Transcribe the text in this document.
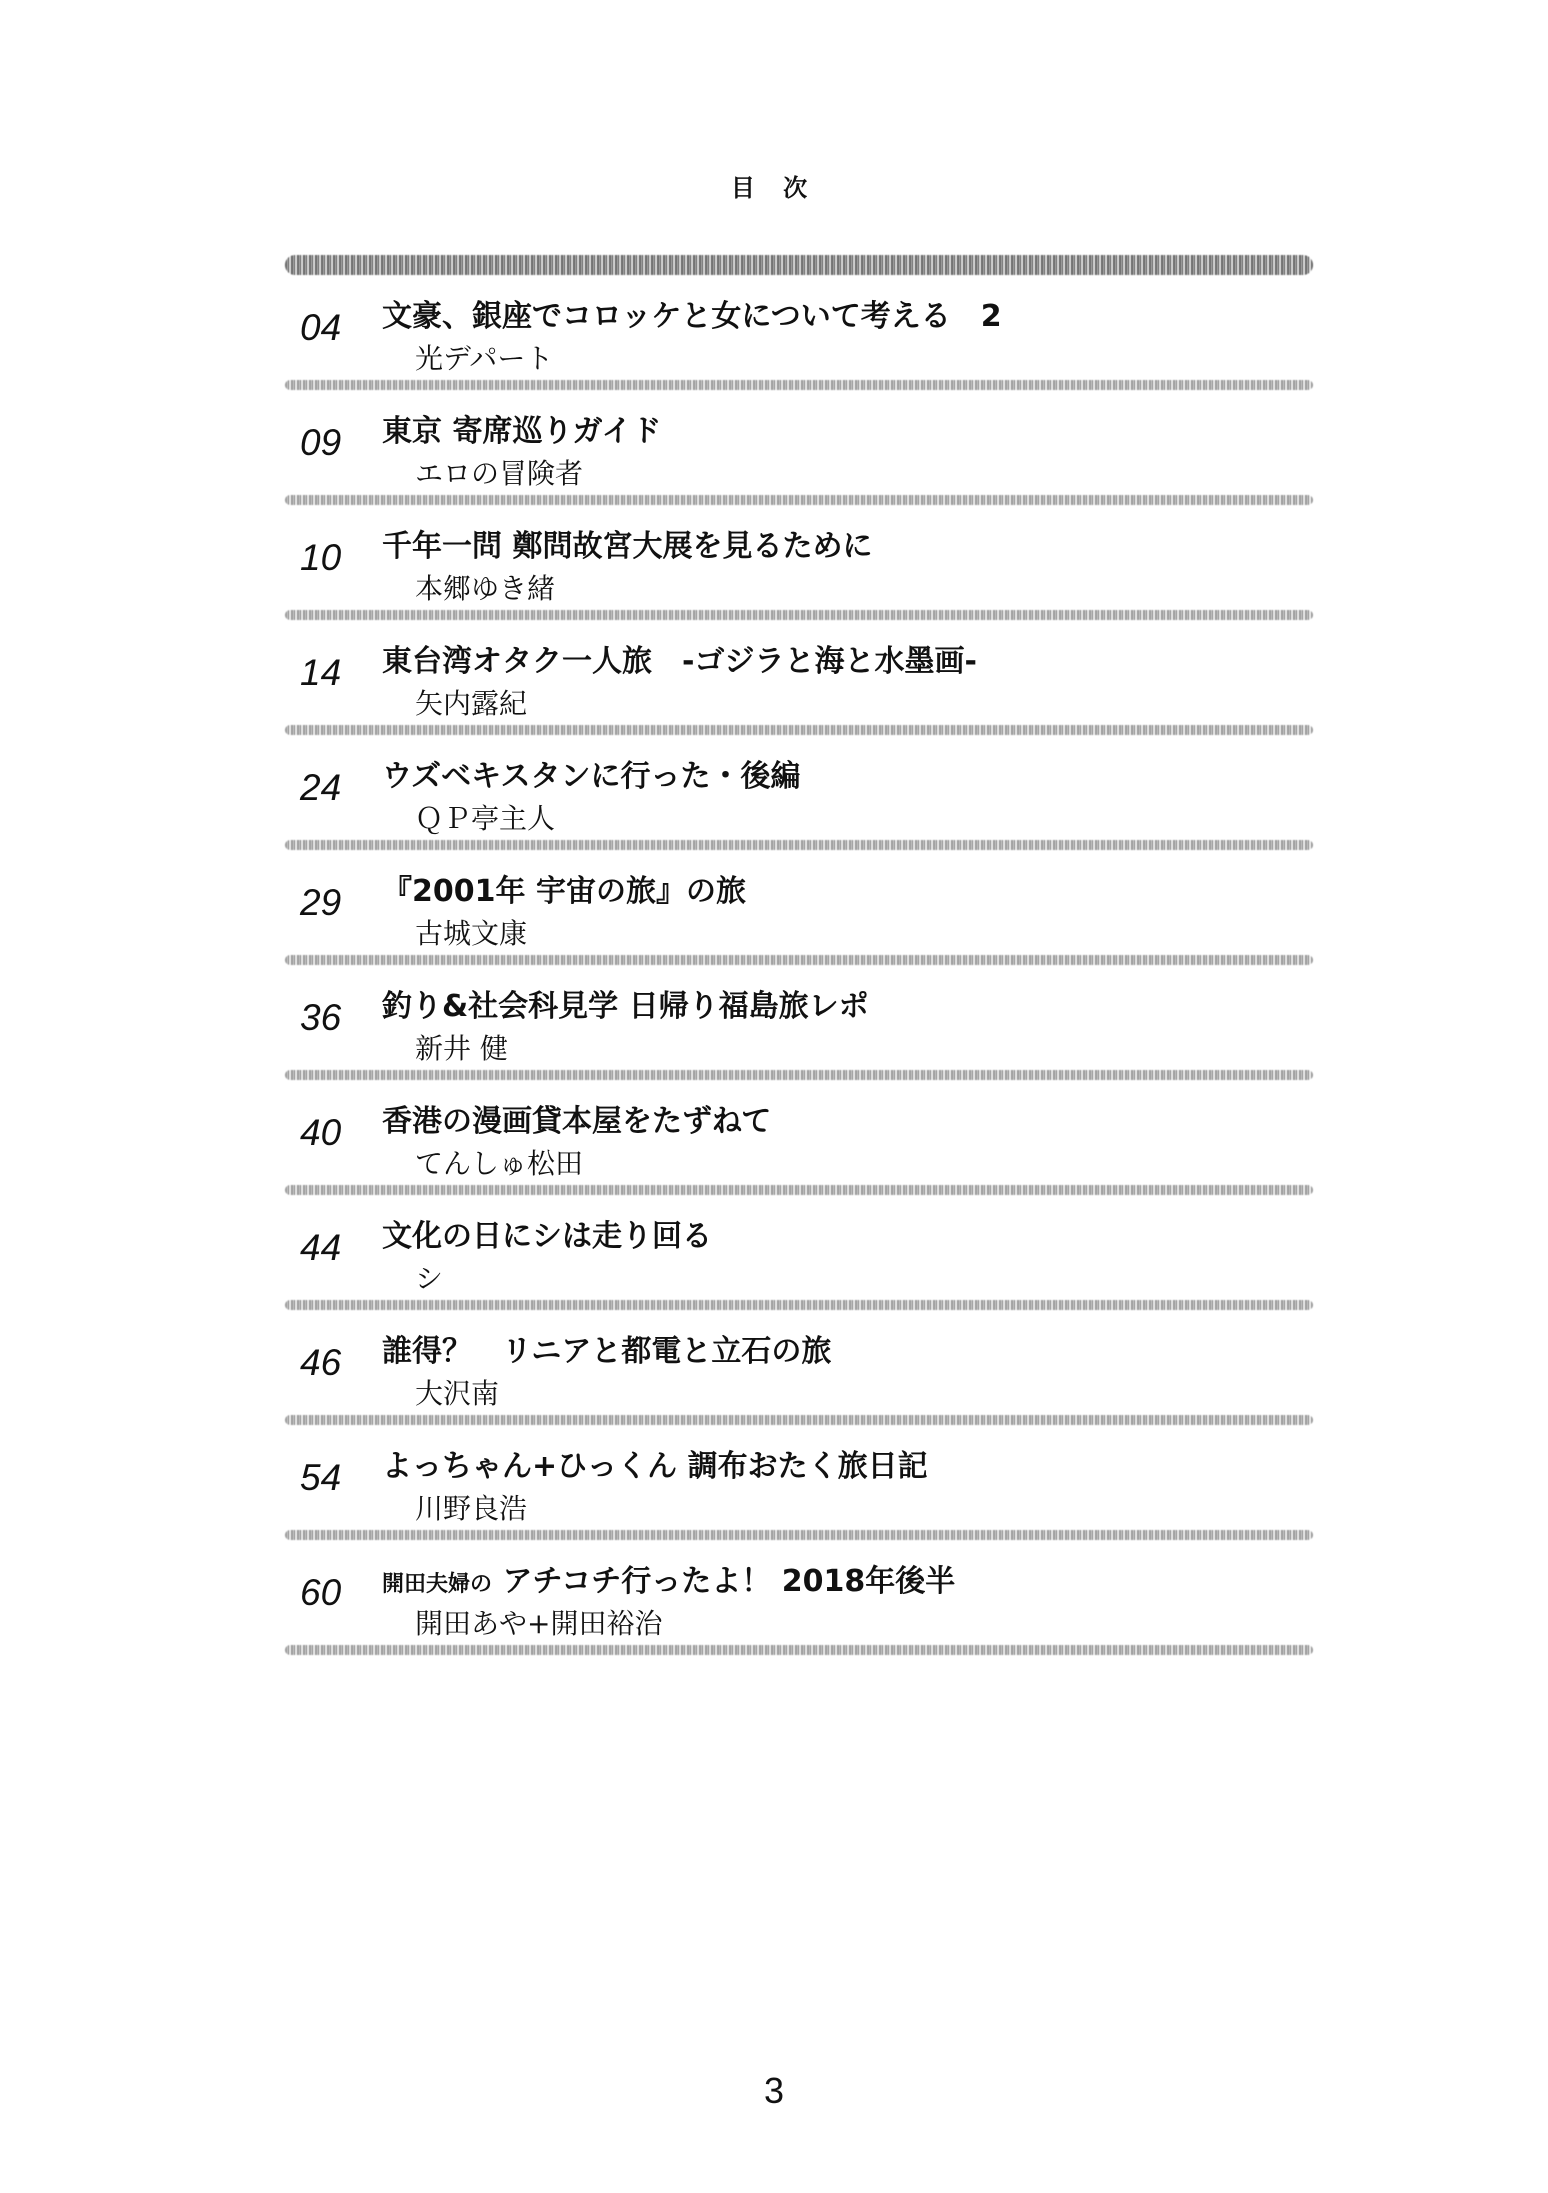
目 次
04 文豪、銀座でコロッケと女について考える　2
光デパート
09 東京 寄席巡りガイド
エロの冒険者
10 千年一問 鄭問故宮大展を見るために
本郷ゆき緒
14 東台湾オタク一人旅　-ゴジラと海と水墨画-
矢内露紀
24 ウズベキスタンに行った・後編
ＱＰ亭主人
29 『2001年 宇宙の旅』の旅
古城文康
36 釣り&社会科見学 日帰り福島旅レポ
新井 健
40 香港の漫画貸本屋をたずねて
てんしゅ松田
44 文化の日にシは走り回る
シ
46 誰得？　リニアと都電と立石の旅
大沢南
54 よっちゃん+ひっくん 調布おたく旅日記
川野良浩
60 開田夫婦の アチコチ行ったよ！ 2018年後半
開田あや+開田裕治
3
